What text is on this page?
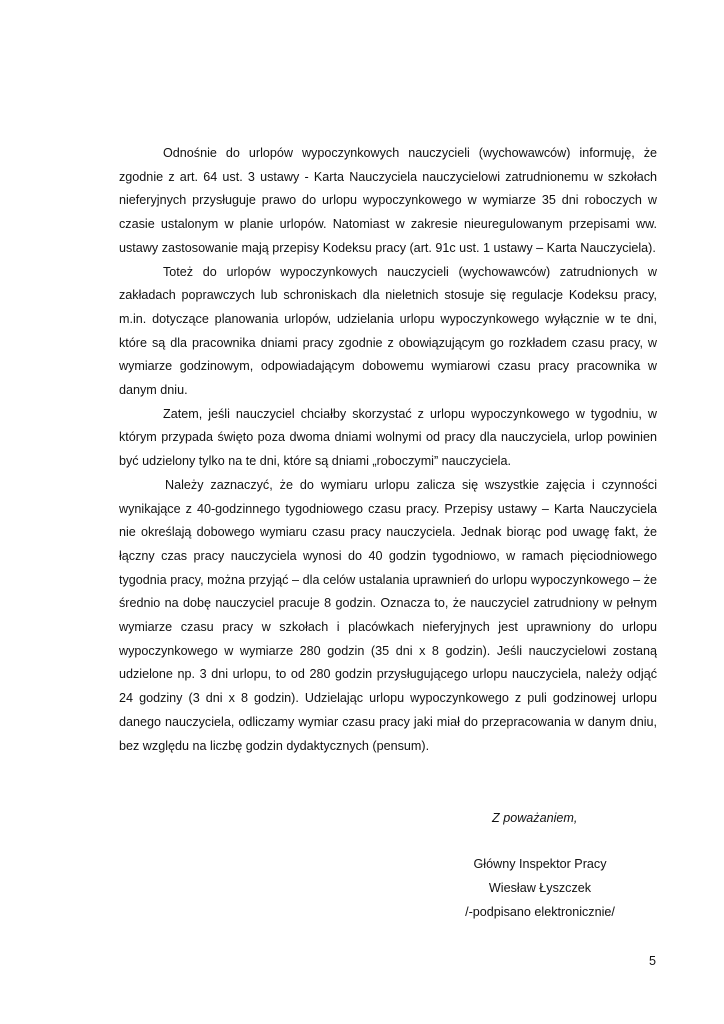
Odnośnie do urlopów wypoczynkowych nauczycieli (wychowawców) informuję, że zgodnie z art. 64 ust. 3 ustawy - Karta Nauczyciela nauczycielowi zatrudnionemu w szkołach nieferyjnych przysługuje prawo do urlopu wypoczynkowego w wymiarze 35 dni roboczych w czasie ustalonym w planie urlopów. Natomiast w zakresie nieuregulowanym przepisami ww. ustawy zastosowanie mają przepisy Kodeksu pracy (art. 91c ust. 1 ustawy – Karta Nauczyciela).

Toteż do urlopów wypoczynkowych nauczycieli (wychowawców) zatrudnionych w zakładach poprawczych lub schroniskach dla nieletnich stosuje się regulacje Kodeksu pracy, m.in. dotyczące planowania urlopów, udzielania urlopu wypoczynkowego wyłącznie w te dni, które są dla pracownika dniami pracy zgodnie z obowiązującym go rozkładem czasu pracy, w wymiarze godzinowym, odpowiadającym dobowemu wymiarowi czasu pracy pracownika w danym dniu.

Zatem, jeśli nauczyciel chciałby skorzystać z urlopu wypoczynkowego w tygodniu, w którym przypada święto poza dwoma dniami wolnymi od pracy dla nauczyciela, urlop powinien być udzielony tylko na te dni, które są dniami „roboczymi” nauczyciela.

Należy zaznaczyć, że do wymiaru urlopu zalicza się wszystkie zajęcia i czynności wynikające z 40-godzinnego tygodniowego czasu pracy. Przepisy ustawy – Karta Nauczyciela nie określają dobowego wymiaru czasu pracy nauczyciela. Jednak biorąc pod uwagę fakt, że łączny czas pracy nauczyciela wynosi do 40 godzin tygodniowo, w ramach pięciodniowego tygodnia pracy, można przyjąć – dla celów ustalania uprawnień do urlopu wypoczynkowego – że średnio na dobę nauczyciel pracuje 8 godzin. Oznacza to, że nauczyciel zatrudniony w pełnym wymiarze czasu pracy w szkołach i placówkach nieferyjnych jest uprawniony do urlopu wypoczynkowego w wymiarze 280 godzin (35 dni x 8 godzin). Jeśli nauczycielowi zostaną udzielone np. 3 dni urlopu, to od 280 godzin przysługującego urlopu nauczyciela, należy odjąć 24 godziny (3 dni x 8 godzin). Udzielając urlopu wypoczynkowego z puli godzinowej urlopu danego nauczyciela, odliczamy wymiar czasu pracy jaki miał do przepracowania w danym dniu, bez względu na liczbę godzin dydaktycznych (pensum).

Z poważaniem,
Główny Inspektor Pracy
Wiesław Łyszczek
/-podpisano elektronicznie/
5
